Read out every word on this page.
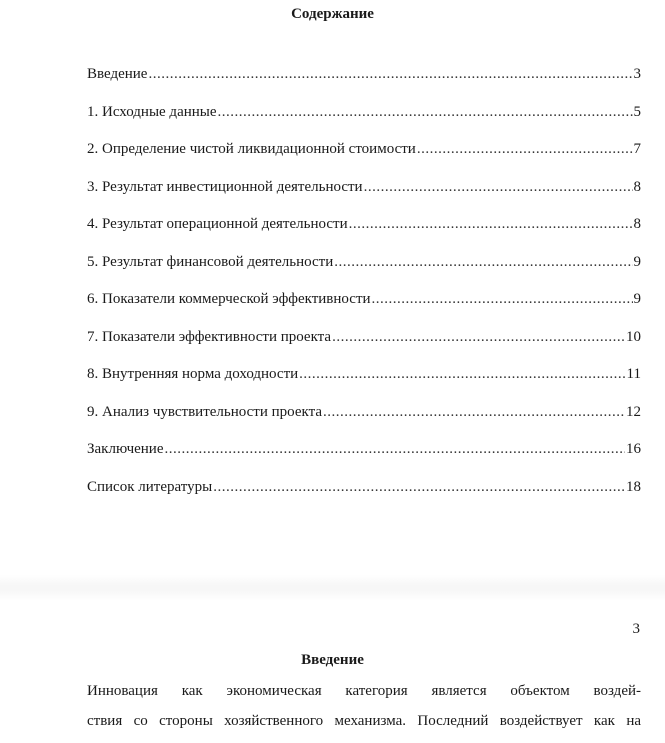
Содержание
Введение .....	3
1. Исходные данные .....	5
2. Определение чистой ликвидационной стоимости .....	7
3. Результат инвестиционной деятельности .....	8
4. Результат операционной деятельности .....	8
5. Результат финансовой деятельности .....	9
6. Показатели коммерческой эффективности .....	9
7. Показатели эффективности проекта .....	10
8. Внутренняя норма доходности .....	11
9. Анализ чувствительности проекта .....	12
Заключение .....	16
Список литературы .....	18
3
Введение

Инновация как экономическая категория является объектом воздей-
ствия со стороны хозяйственного механизма. Последний воздействует как на
